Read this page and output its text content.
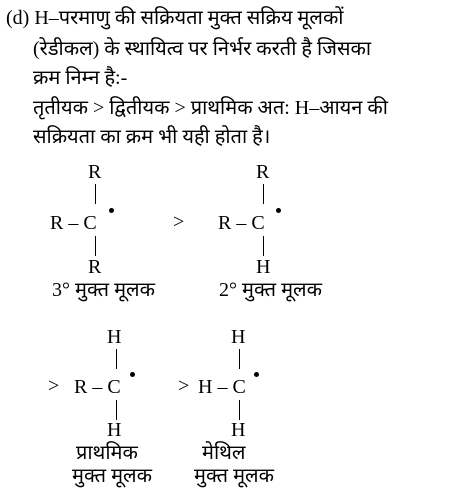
(d) H–परमाणु की सक्रियता मुक्त सक्रिय मूलकों
(रेडीकल) के स्थायित्व पर निर्भर करती है जिसका
क्रम निम्न है:-
तृतीयक > द्वितीयक > प्राथमिक अत: H–आयन की
सक्रियता का क्रम भी यही होता है।
R
R – C
R
3° मुक्त मूलक
>
R
R – C
H
2° मुक्त मूलक
>
H
R – C
H
प्राथमिक
मुक्त मूलक
>
H
H – C
H
मेथिल
मुक्त मूलक
